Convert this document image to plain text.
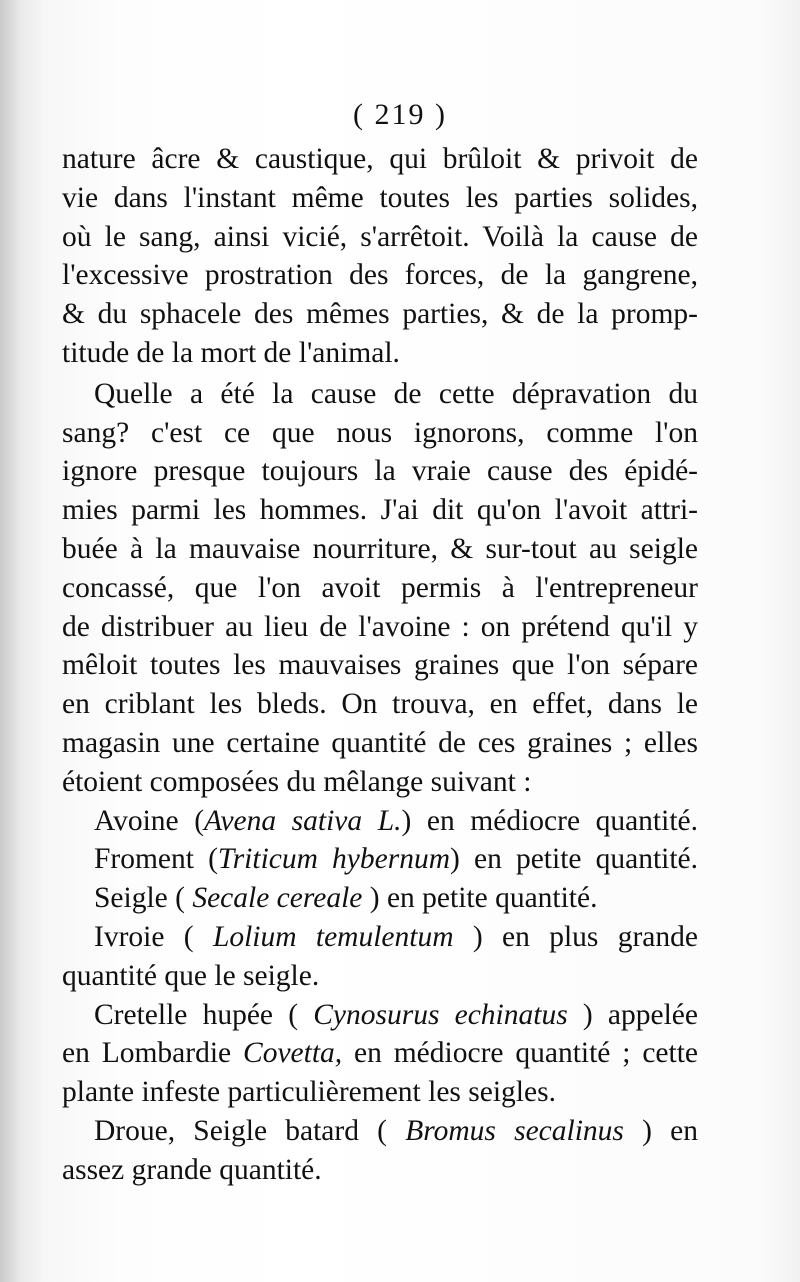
( 219 )
nature âcre & caustique, qui brûloit & privoit de
vie dans l'instant même toutes les parties solides,
où le sang, ainsi vicié, s'arrêtoit. Voilà la cause de
l'excessive prostration des forces, de la gangrene,
& du sphacele des mêmes parties, & de la promp-
titude de la mort de l'animal.
Quelle a été la cause de cette dépravation du
sang? c'est ce que nous ignorons, comme l'on
ignore presque toujours la vraie cause des épidé-
mies parmi les hommes. J'ai dit qu'on l'avoit attri-
buée à la mauvaise nourriture, & sur-tout au seigle
concassé, que l'on avoit permis à l'entrepreneur
de distribuer au lieu de l'avoine : on prétend qu'il y
mêloit toutes les mauvaises graines que l'on sépare
en criblant les bleds. On trouva, en effet, dans le
magasin une certaine quantité de ces graines ; elles
étoient composées du mêlange suivant :
Avoine (Avena sativa L.) en médiocre quantité.
Froment (Triticum hybernum) en petite quantité.
Seigle ( Secale cereale ) en petite quantité.
Ivroie ( Lolium temulentum ) en plus grande
quantité que le seigle.
Cretelle hupée ( Cynosurus echinatus ) appelée
en Lombardie Covetta, en médiocre quantité ; cette
plante infeste particulièrement les seigles.
Droue, Seigle batard ( Bromus secalinus ) en
assez grande quantité.
